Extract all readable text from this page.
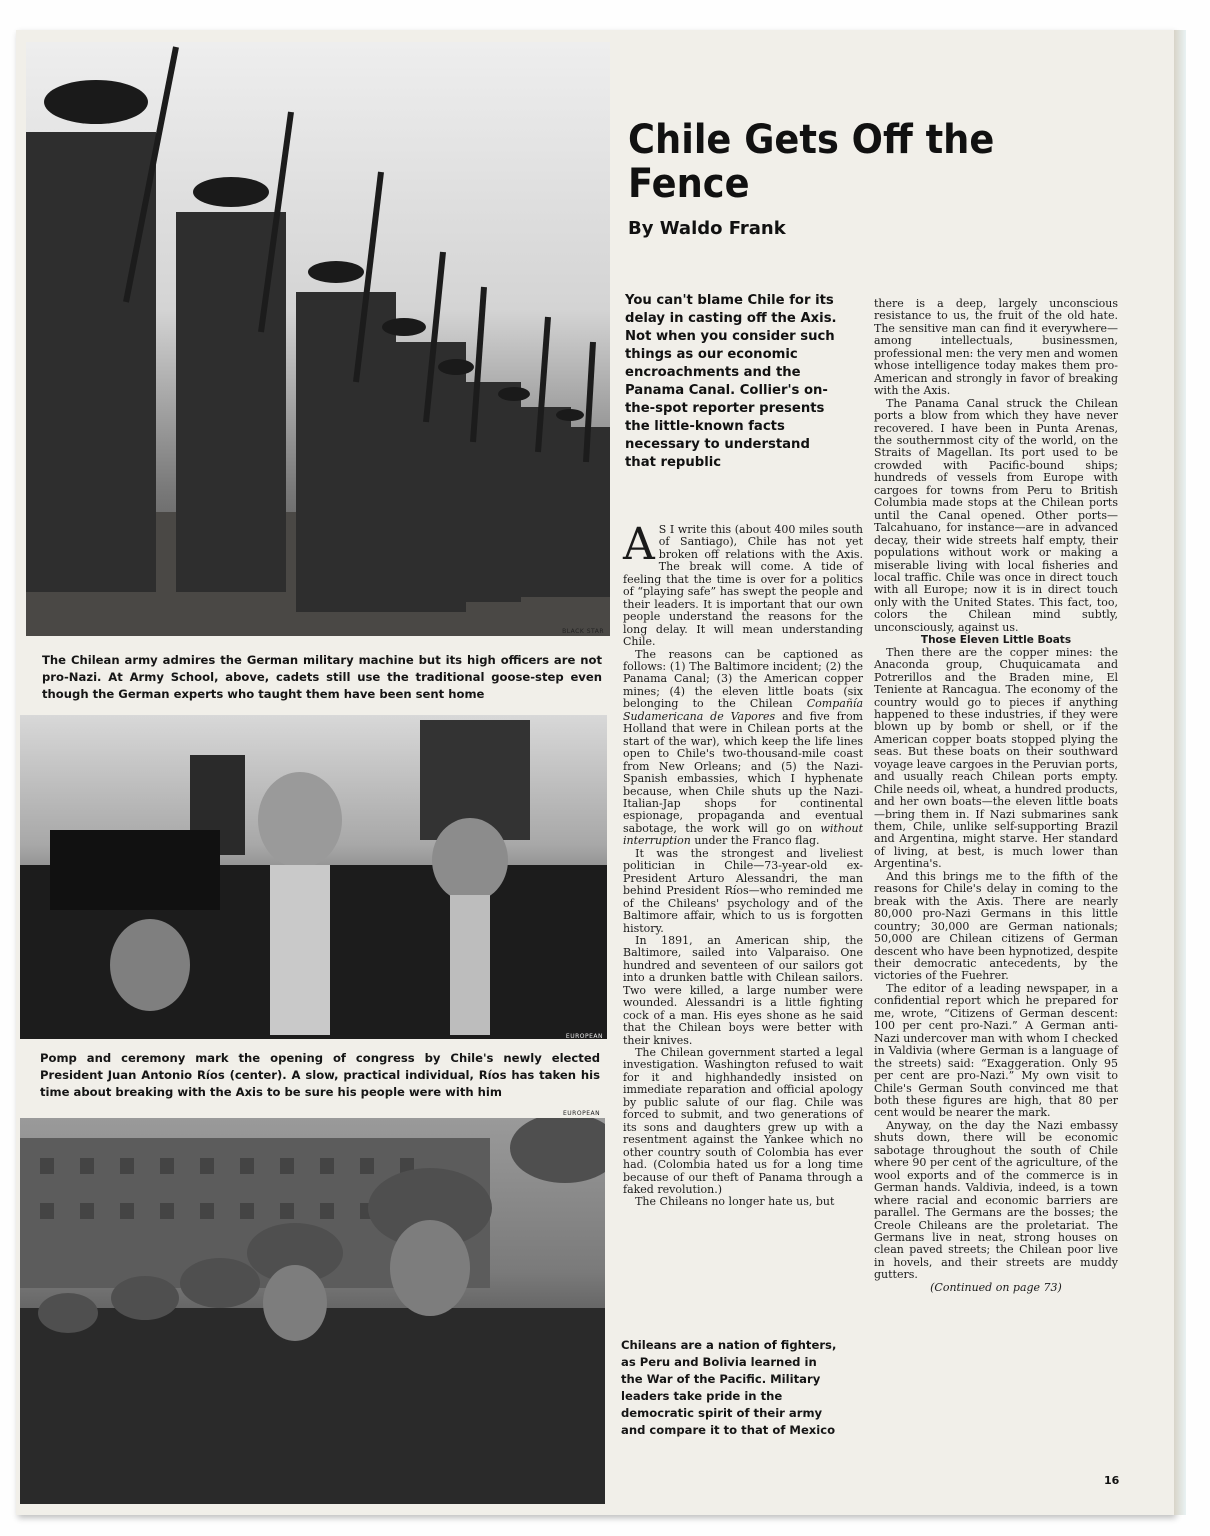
BLACK STAR
The Chilean army admires the German military machine but its high officers are not pro-Nazi. At Army School, above, cadets still use the traditional goose-step even though the German experts who taught them have been sent home
EUROPEAN
Pomp and ceremony mark the opening of congress by Chile's newly elected President Juan Antonio Ríos (center). A slow, practical individual, Ríos has taken his time about breaking with the Axis to be sure his people were with him
EUROPEAN
Chileans are a nation of fighters, as Peru and Bolivia learned in the War of the Pacific. Military leaders take pride in the democratic spirit of their army and compare it to that of Mexico
Chile Gets Off the Fence
By Waldo Frank
You can't blame Chile for its delay in casting off the Axis. Not when you consider such things as our economic encroachments and the Panama Canal. Collier's on-the-spot reporter presents the little-known facts necessary to understand that republic

A S I write this (about 400 miles south of Santiago), Chile has not yet broken off relations with the Axis. The break will come. A tide of feeling that the time is over for a politics of “playing safe” has swept the people and their leaders. It is important that our own people understand the reasons for the long delay. It will mean understanding Chile.

The reasons can be captioned as follows: (1) The Baltimore incident; (2) the Panama Canal; (3) the American copper mines; (4) the eleven little boats (six belonging to the Chilean Compañía Sudamericana de Vapores and five from Holland that were in Chilean ports at the start of the war), which keep the life lines open to Chile's two-thousand-mile coast from New Orleans; and (5) the Nazi-Spanish embassies, which I hyphenate because, when Chile shuts up the Nazi-Italian-Jap shops for continental espionage, propaganda and eventual sabotage, the work will go on without interruption under the Franco flag.

It was the strongest and liveliest politician in Chile—73-year-old ex-President Arturo Alessandri, the man behind President Ríos—who reminded me of the Chileans' psychology and of the Baltimore affair, which to us is forgotten history.

In 1891, an American ship, the Baltimore, sailed into Valparaiso. One hundred and seventeen of our sailors got into a drunken battle with Chilean sailors. Two were killed, a large number were wounded. Alessandri is a little fighting cock of a man. His eyes shone as he said that the Chilean boys were better with their knives.

The Chilean government started a legal investigation. Washington refused to wait for it and highhandedly insisted on immediate reparation and official apology by public salute of our flag. Chile was forced to submit, and two generations of its sons and daughters grew up with a resentment against the Yankee which no other country south of Colombia has ever had. (Colombia hated us for a long time because of our theft of Panama through a faked revolution.)

The Chileans no longer hate us, but

there is a deep, largely unconscious resistance to us, the fruit of the old hate. The sensitive man can find it everywhere—among intellectuals, businessmen, professional men: the very men and women whose intelligence today makes them pro-American and strongly in favor of breaking with the Axis.

The Panama Canal struck the Chilean ports a blow from which they have never recovered. I have been in Punta Arenas, the southernmost city of the world, on the Straits of Magellan. Its port used to be crowded with Pacific-bound ships; hundreds of vessels from Europe with cargoes for towns from Peru to British Columbia made stops at the Chilean ports until the Canal opened. Other ports—Talcahuano, for instance—are in advanced decay, their wide streets half empty, their populations without work or making a miserable living with local fisheries and local traffic. Chile was once in direct touch with all Europe; now it is in direct touch only with the United States. This fact, too, colors the Chilean mind subtly, unconsciously, against us.

Those Eleven Little Boats

Then there are the copper mines: the Anaconda group, Chuquicamata and Potrerillos and the Braden mine, El Teniente at Rancagua. The economy of the country would go to pieces if anything happened to these industries, if they were blown up by bomb or shell, or if the American copper boats stopped plying the seas. But these boats on their southward voyage leave cargoes in the Peruvian ports, and usually reach Chilean ports empty. Chile needs oil, wheat, a hundred products, and her own boats—the eleven little boats—bring them in. If Nazi submarines sank them, Chile, unlike self-supporting Brazil and Argentina, might starve. Her standard of living, at best, is much lower than Argentina's.

And this brings me to the fifth of the reasons for Chile's delay in coming to the break with the Axis. There are nearly 80,000 pro-Nazi Germans in this little country; 30,000 are German nationals; 50,000 are Chilean citizens of German descent who have been hypnotized, despite their democratic antecedents, by the victories of the Fuehrer.

The editor of a leading newspaper, in a confidential report which he prepared for me, wrote, “Citizens of German descent: 100 per cent pro-Nazi.” A German anti-Nazi undercover man with whom I checked in Valdivia (where German is a language of the streets) said: “Exaggeration. Only 95 per cent are pro-Nazi.” My own visit to Chile's German South convinced me that both these figures are high, that 80 per cent would be nearer the mark.

Anyway, on the day the Nazi embassy shuts down, there will be economic sabotage throughout the south of Chile where 90 per cent of the agriculture, of the wool exports and of the commerce is in German hands. Valdivia, indeed, is a town where racial and economic barriers are parallel. The Germans are the bosses; the Creole Chileans are the proletariat. The Germans live in neat, strong houses on clean paved streets; the Chilean poor live in hovels, and their streets are muddy gutters.

(Continued on page 73)

16
